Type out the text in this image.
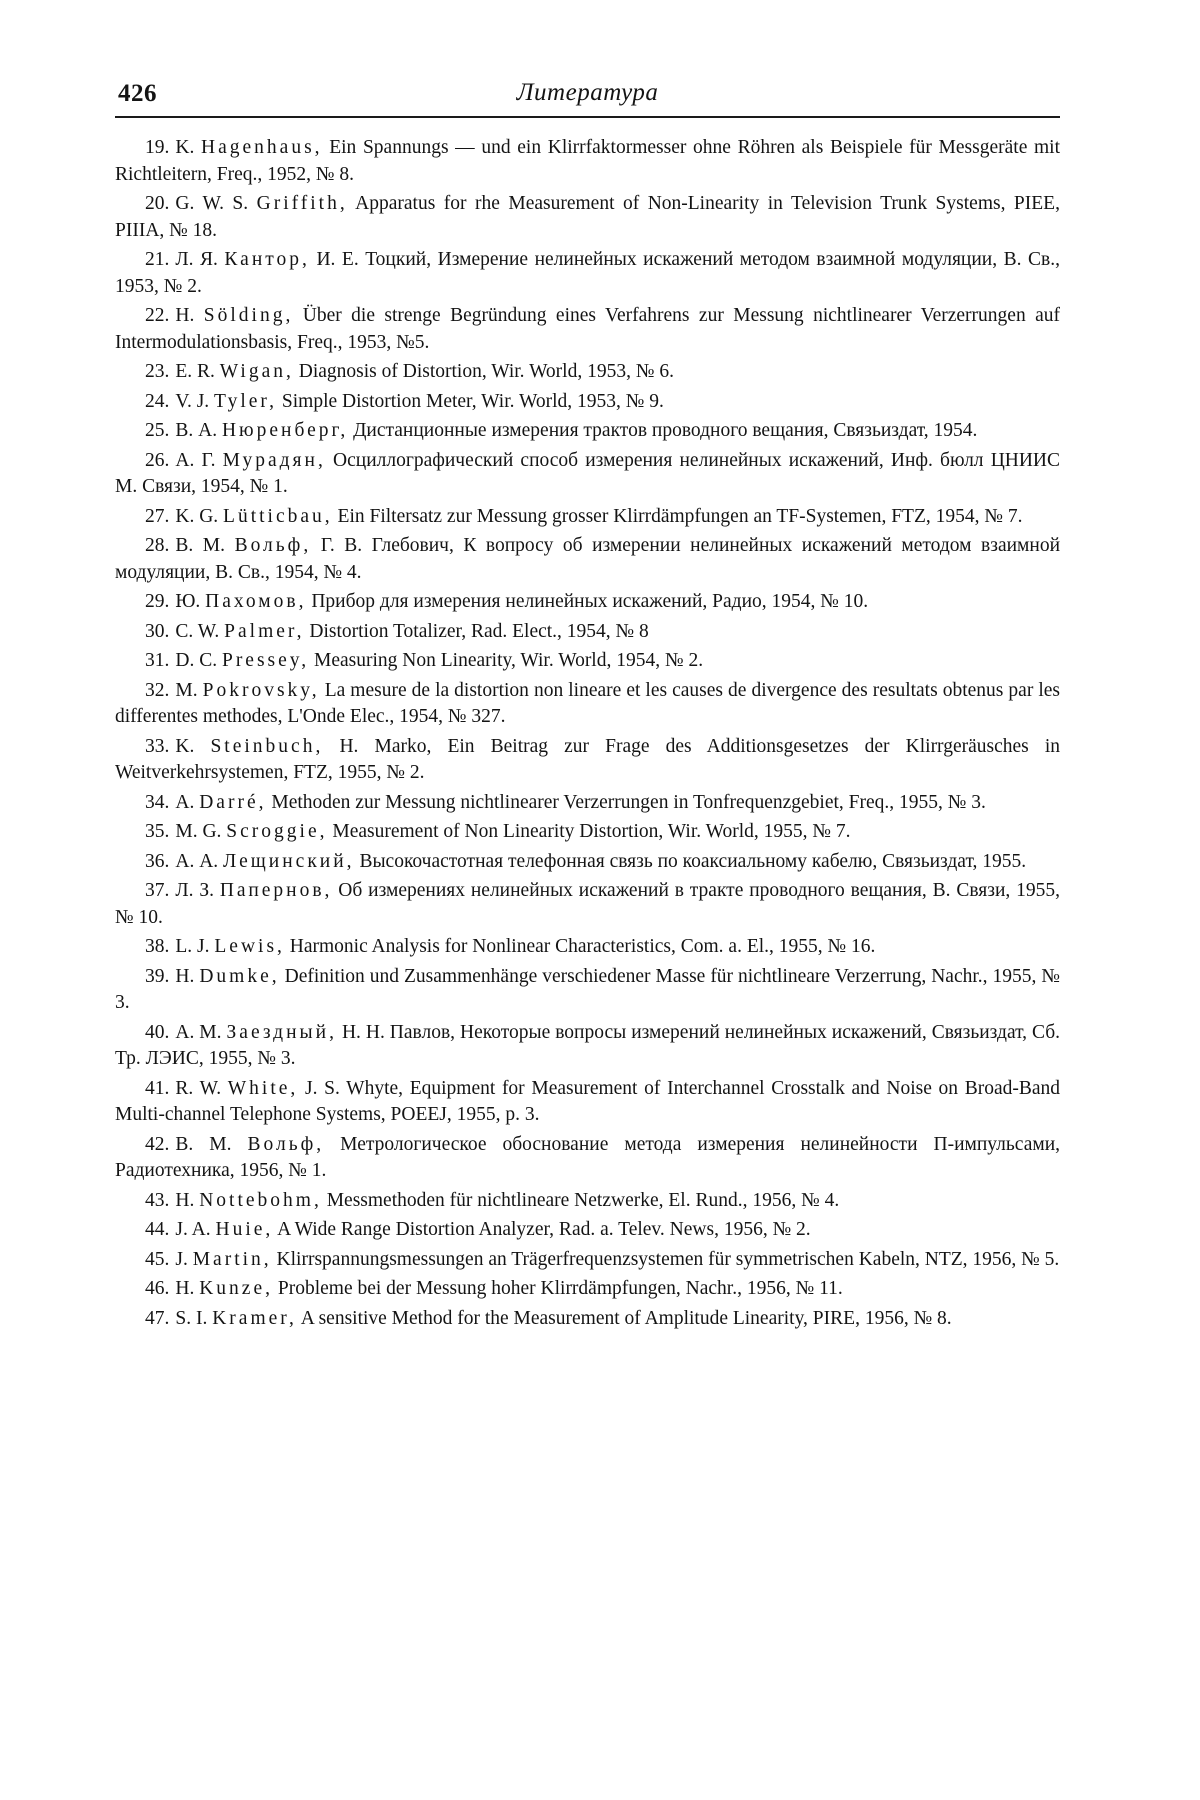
426	Литература
19. K. Hagenhaus, Ein Spannungs — und ein Klirrfaktormesser ohne Röhren als Beispiele für Messgeräte mit Richtleitern, Freq., 1952, № 8.
20. G. W. S. Griffith, Apparatus for rhe Measurement of Non-Linearity in Television Trunk Systems, PIEE, PIIIA, № 18.
21. Л. Я. Кантор, И. Е. Тоцкий, Измерение нелинейных искажений методом взаимной модуляции, В. Св., 1953, № 2.
22. H. Sölding, Über die strenge Begründung eines Verfahrens zur Messung nichtlinearer Verzerrungen auf Intermodulationsbasis, Freq., 1953, №5.
23. E. R. Wigan, Diagnosis of Distortion, Wir. World, 1953, № 6.
24. V. J. Tyler, Simple Distortion Meter, Wir. World, 1953, № 9.
25. В. А. Нюренберг, Дистанционные измерения трактов проводного вещания, Связьиздат, 1954.
26. А. Г. Мурадян, Осциллографический способ измерения нелинейных искажений, Инф. бюлл ЦНИИС М. Связи, 1954, № 1.
27. K. G. Lütticbau, Ein Filtersatz zur Messung grosser Klirrdämpfungen an TF-Systemen, FTZ, 1954, № 7.
28. В. М. Вольф, Г. В. Глебович, К вопросу об измерении нелинейных искажений методом взаимной модуляции, В. Св., 1954, № 4.
29. Ю. Пахомов, Прибор для измерения нелинейных искажений, Радио, 1954, № 10.
30. C. W. Palmer, Distortion Totalizer, Rad. Elect., 1954, № 8
31. D. C. Pressey, Measuring Non Linearity, Wir. World, 1954, № 2.
32. M. Pokrovsky, La mesure de la distortion non lineare et les causes de divergence des resultats obtenus par les differentes methodes, L'Onde Elec., 1954, № 327.
33. K. Steinbuch, H. Marko, Ein Beitrag zur Frage des Additionsgesetzes der Klirrgeräusches in Weitverkehrsystemen, FTZ, 1955, № 2.
34. A. Darré, Methoden zur Messung nichtlinearer Verzerrungen in Tonfrequenzgebiet, Freq., 1955, № 3.
35. M. G. Scroggie, Measurement of Non Linearity Distortion, Wir. World, 1955, № 7.
36. А. А. Лещинский, Высокочастотная телефонная связь по коаксиальному кабелю, Связьиздат, 1955.
37. Л. З. Папернов, Об измерениях нелинейных искажений в тракте проводного вещания, В. Связи, 1955, № 10.
38. L. J. Lewis, Harmonic Analysis for Nonlinear Characteristics, Com. a. El., 1955, № 16.
39. H. Dumke, Definition und Zusammenhänge verschiedener Masse für nichtlineare Verzerrung, Nachr., 1955, № 3.
40. А. М. Заездный, Н. Н. Павлов, Некоторые вопросы измерений нелинейных искажений, Связьиздат, Сб. Тр. ЛЭИС, 1955, № 3.
41. R. W. White, J. S. Whyte, Equipment for Measurement of Interchannel Crosstalk and Noise on Broad-Band Multi-channel Telephone Systems, POEEJ, 1955, p. 3.
42. В. М. Вольф, Метрологическое обоснование метода измерения нелинейности П-импульсами, Радиотехника, 1956, № 1.
43. H. Nottebohm, Messmethoden für nichtlineare Netzwerke, El. Rund., 1956, № 4.
44. J. A. Huie, A Wide Range Distortion Analyzer, Rad. a. Telev. News, 1956, № 2.
45. J. Martin, Klirrspannungsmessungen an Trägerfrequenzsystemen für symmetrischen Kabeln, NTZ, 1956, № 5.
46. H. Kunze, Probleme bei der Messung hoher Klirrdämpfungen, Nachr., 1956, № 11.
47. S. I. Kramer, A sensitive Method for the Measurement of Amplitude Linearity, PIRE, 1956, № 8.
